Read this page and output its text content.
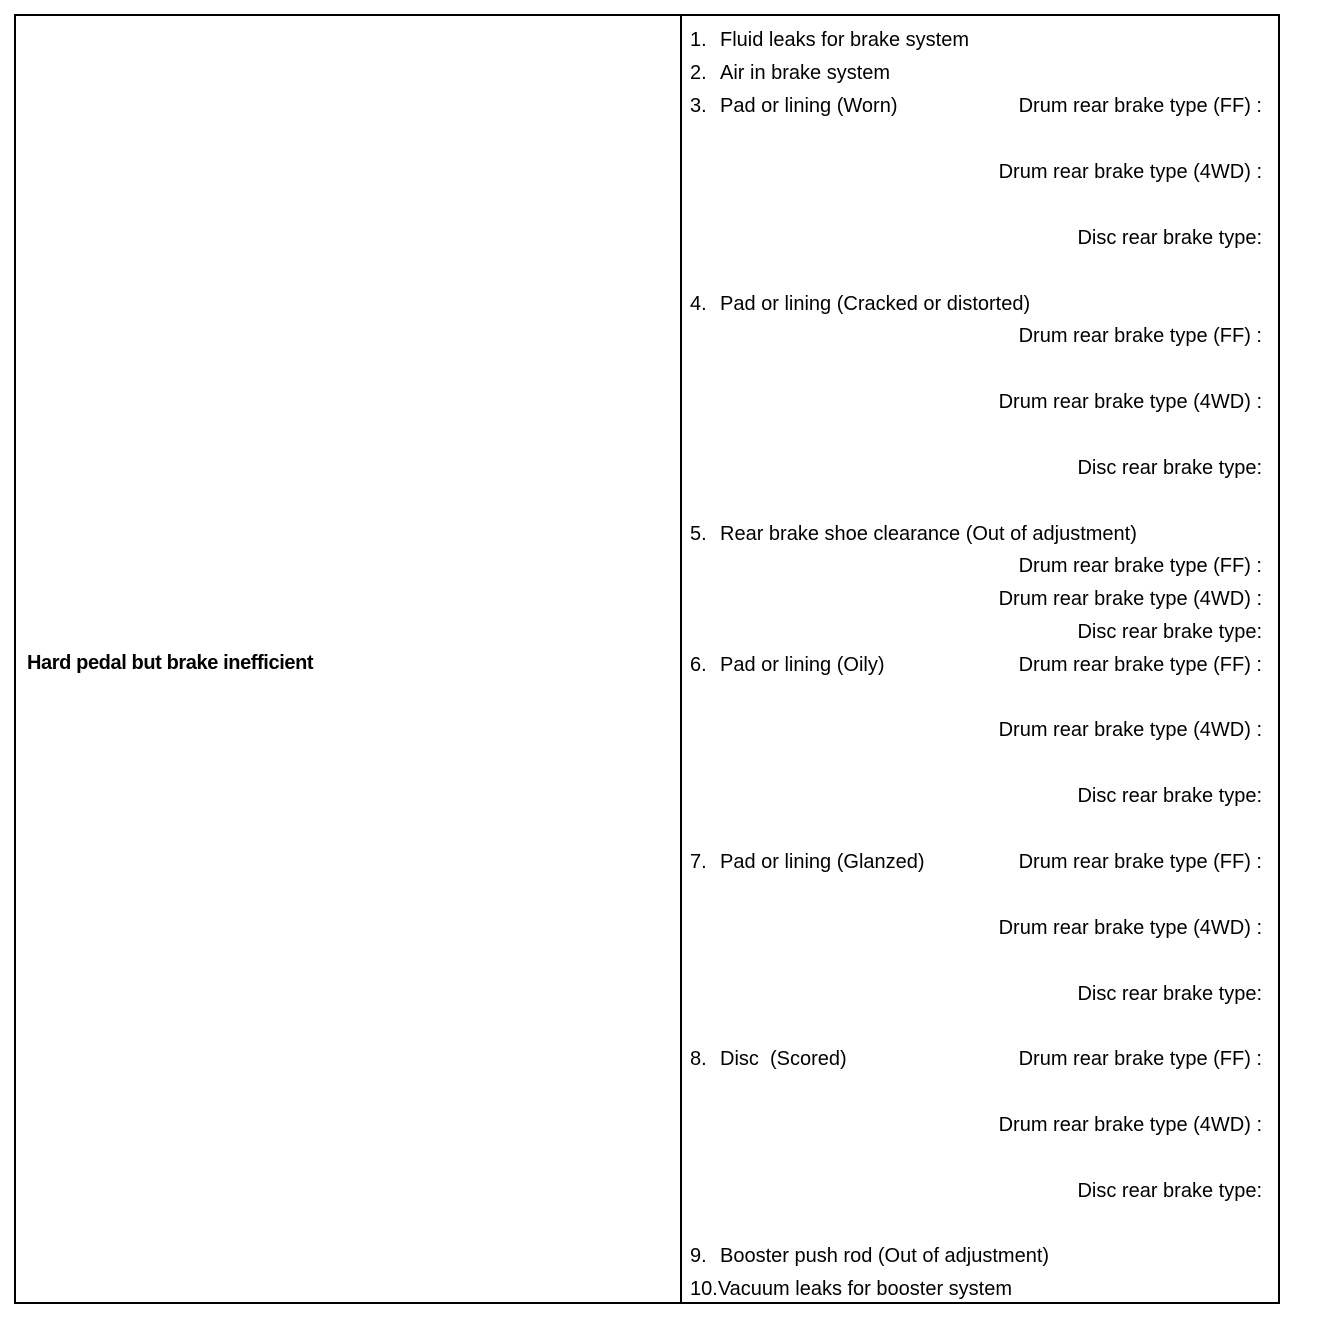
Hard pedal but brake inefficient
1. Fluid leaks for brake system
2. Air in brake system
3. Pad or lining (Worn)	Drum rear brake type (FF) :
Drum rear brake type (4WD) :
Disc rear brake type:
4. Pad or lining (Cracked or distorted)
Drum rear brake type (FF) :
Drum rear brake type (4WD) :
Disc rear brake type:
5. Rear brake shoe clearance (Out of adjustment)
Drum rear brake type (FF) :
Drum rear brake type (4WD) :
Disc rear brake type:
6. Pad or lining (Oily)	Drum rear brake type (FF) :
Drum rear brake type (4WD) :
Disc rear brake type:
7. Pad or lining (Glanzed)	Drum rear brake type (FF) :
Drum rear brake type (4WD) :
Disc rear brake type:
8. Disc  (Scored)	Drum rear brake type (FF) :
Drum rear brake type (4WD) :
Disc rear brake type:
9. Booster push rod (Out of adjustment)
10.Vacuum leaks for booster system
